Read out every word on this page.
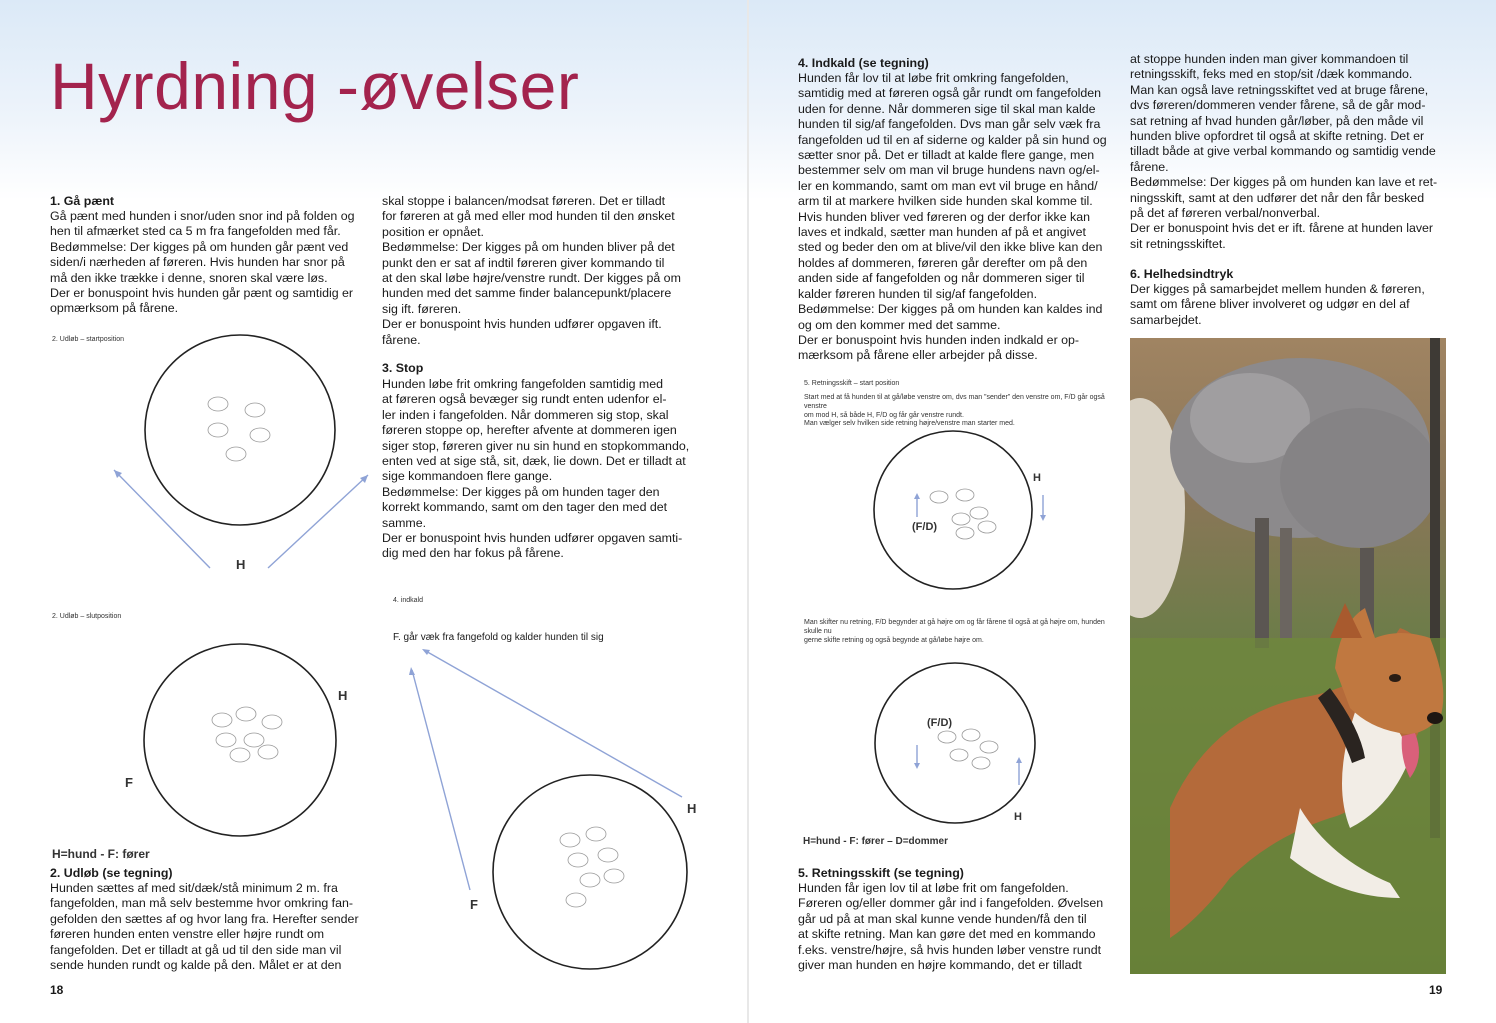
Hyrdning -øvelser

1. Gå pænt

Gå pænt med hunden i snor/uden snor ind på folden og
hen til afmærket sted ca 5 m fra fangefolden med får.
Bedømmelse: Der kigges på om hunden går pænt ved
siden/i nærheden af føreren. Hvis hunden har snor på
må den ikke trække i denne, snoren skal være løs.
Der er bonuspoint hvis hunden går pænt og samtidig er
opmærksom på fårene.

skal stoppe i balancen/modsat føreren. Det er tilladt
for føreren at gå med eller mod hunden til den ønsket
position er opnået.
Bedømmelse: Der kigges på om hunden bliver på det
punkt den er sat af indtil føreren giver kommando til
at den skal løbe højre/venstre rundt. Der kigges på om
hunden med det samme finder balancepunkt/placere
sig ift. føreren.
Der er bonuspoint hvis hunden udfører opgaven ift.
fårene.

3. Stop

Hunden løbe frit omkring fangefolden samtidig med
at føreren også bevæger sig rundt enten udenfor el-
ler inden i fangefolden. Når dommeren sig stop, skal
føreren stoppe op, herefter afvente at dommeren igen
siger stop, føreren giver nu sin hund en stopkommando,
enten ved at sige stå, sit, dæk, lie down. Det er tilladt at
sige kommandoen flere gange.
Bedømmelse: Der kigges på om hunden tager den
korrekt kommando, samt om den tager den med det
samme.
Der er bonuspoint hvis hunden udfører opgaven samti-
dig med den har fokus på fårene.

2. Udløb – startposition
H
2. Udløb – slutposition
H
F
H=hund - F: fører

2. Udløb (se tegning)

Hunden sættes af med sit/dæk/stå minimum 2 m. fra
fangefolden, man må selv bestemme hvor omkring fan-
gefolden den sættes af og hvor lang fra. Herefter sender
føreren hunden enten venstre eller højre rundt om
fangefolden. Det er tilladt at gå ud til den side man vil
sende hunden rundt og kalde på den. Målet er at den

4. indkald
F. går væk fra fangefold og kalder hunden til sig
H
F
18

4. Indkald (se tegning)

Hunden får lov til at løbe frit omkring fangefolden,
samtidig med at føreren også går rundt om fangefolden
uden for denne. Når dommeren sige til skal man kalde
hunden til sig/af fangefolden. Dvs man går selv væk fra
fangefolden ud til en af siderne og kalder på sin hund og
sætter snor på. Det er tilladt at kalde flere gange, men
bestemmer selv om man vil bruge hundens navn og/el-
ler en kommando, samt om man evt vil bruge en hånd/
arm til at markere hvilken side hunden skal komme til.
Hvis hunden bliver ved føreren og der derfor ikke kan
laves et indkald, sætter man hunden af på et angivet
sted og beder den om at blive/vil den ikke blive kan den
holdes af dommeren, føreren går derefter om på den
anden side af fangefolden og når dommeren siger til
kalder føreren hunden til sig/af fangefolden.
Bedømmelse: Der kigges på om hunden kan kaldes ind
og om den kommer med det samme.
Der er bonuspoint hvis hunden inden indkald er op-
mærksom på fårene eller arbejder på disse.

5. Retningsskift – start position
Start med at få hunden til at gå/løbe venstre om, dvs man ”sender” den venstre om, F/D går også venstre
om mod H, så både H, F/D og får går venstre rundt.
Man vælger selv hvilken side retning højre/venstre man starter med.
H
(F/D)
Man skifter nu retning, F/D begynder at gå højre om og får fårene til også at gå højre om, hunden skulle nu
gerne skifte retning og også begynde at gå/løbe højre om.
(F/D)
H
H=hund - F: fører – D=dommer

5. Retningsskift (se tegning)

Hunden får igen lov til at løbe frit om fangefolden.
Føreren og/eller dommer går ind i fangefolden. Øvelsen
går ud på at man skal kunne vende hunden/få den til
at skifte retning. Man kan gøre det med en kommando
f.eks. venstre/højre, så hvis hunden løber venstre rundt
giver man hunden en højre kommando, det er tilladt

at stoppe hunden inden man giver kommandoen til
retningsskift, feks med en stop/sit /dæk kommando.
Man kan også lave retningsskiftet ved at bruge fårene,
dvs føreren/dommeren vender fårene, så de går mod-
sat retning af hvad hunden går/løber, på den måde vil
hunden blive opfordret til også at skifte retning. Det er
tilladt både at give verbal kommando og samtidig vende
fårene.
Bedømmelse: Der kigges på om hunden kan lave et ret-
ningsskift, samt at den udfører det når den får besked
på det af føreren verbal/nonverbal.
Der er bonuspoint hvis det er ift. fårene at hunden laver
sit retningsskiftet.

6. Helhedsindtryk

Der kigges på samarbejdet mellem hunden & føreren,
samt om fårene bliver involveret og udgør en del af
samarbejdet.

19
